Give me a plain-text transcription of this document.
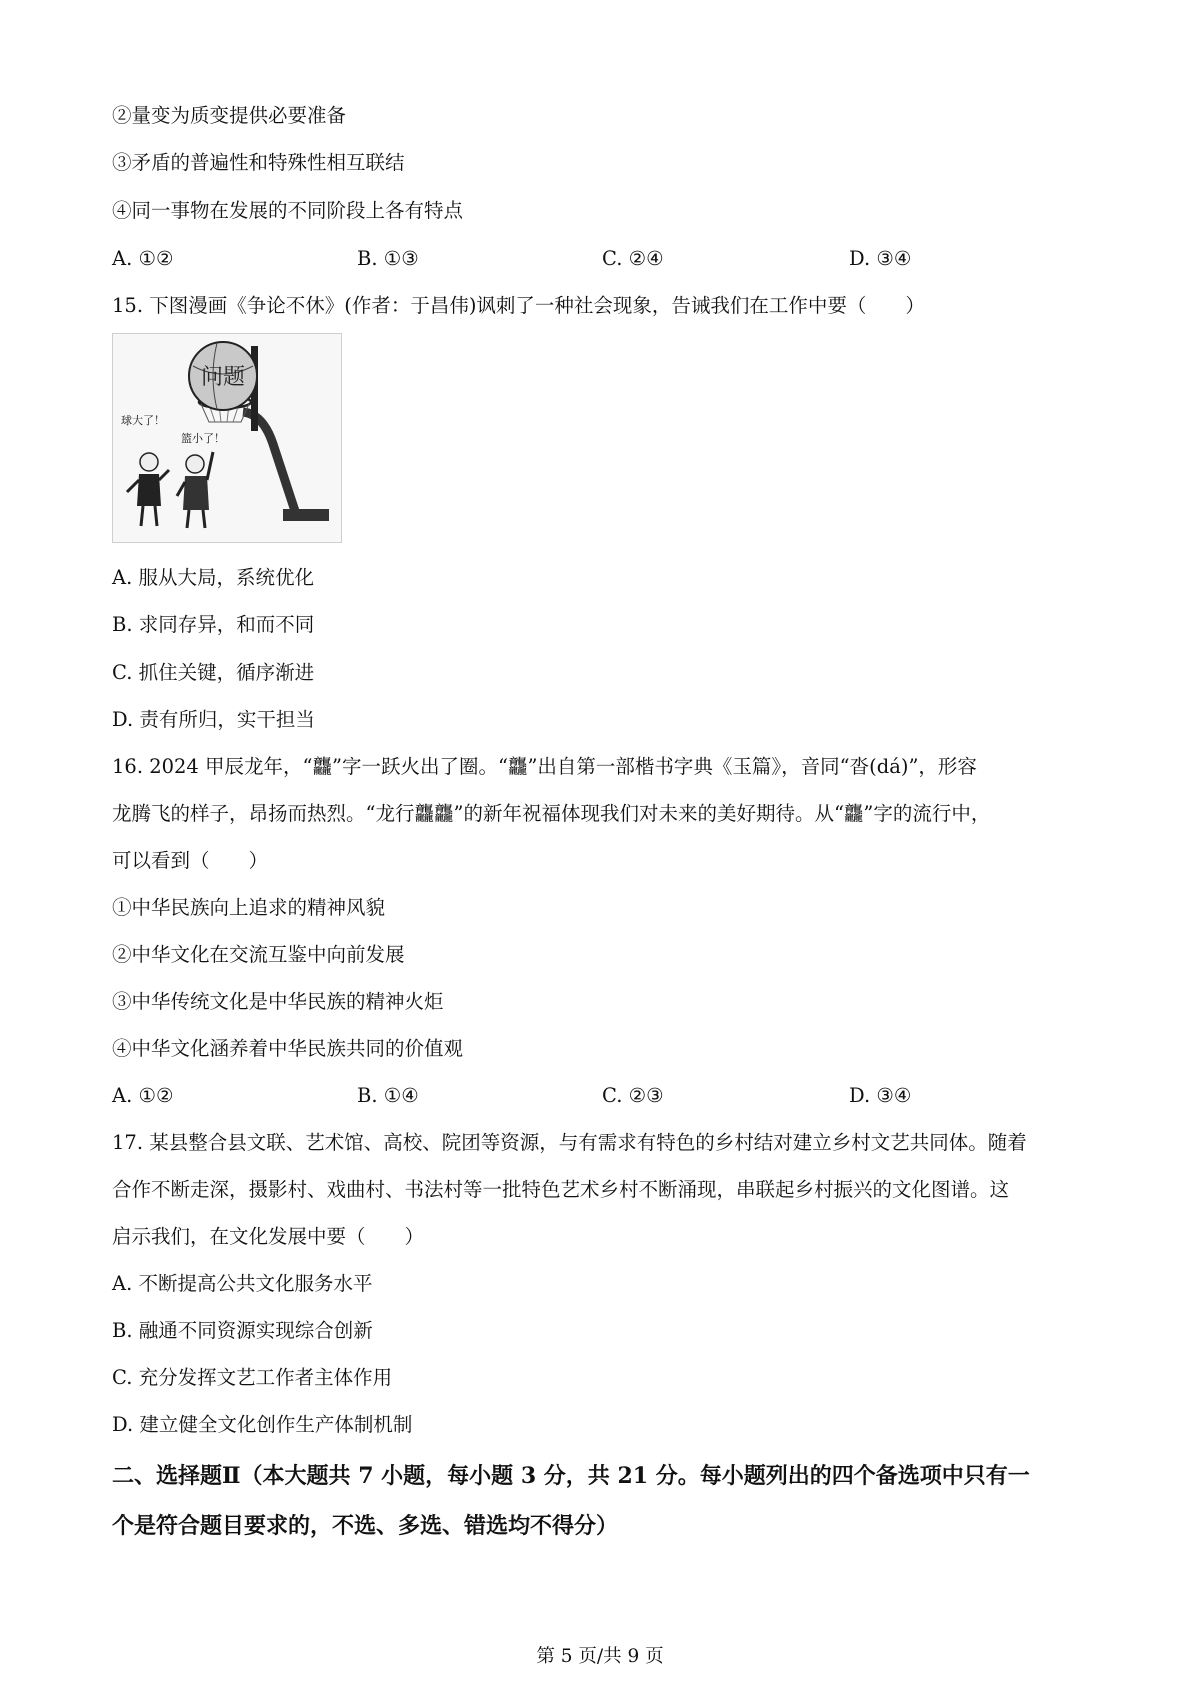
②量变为质变提供必要准备
③矛盾的普遍性和特殊性相互联结
④同一事物在发展的不同阶段上各有特点
A. ①②	B. ①③	C. ②④	D. ③④
15. 下图漫画《争论不休》(作者：于昌伟)讽刺了一种社会现象，告诫我们在工作中要（　　）
问题
球大了！
篮小了！
A. 服从大局，系统优化
B. 求同存异，和而不同
C. 抓住关键，循序渐进
D. 责有所归，实干担当
16. 2024 甲辰龙年，“龘”字一跃火出了圈。“龘”出自第一部楷书字典《玉篇》，音同“沓(dá)”，形容
龙腾飞的样子，昂扬而热烈。“龙行龘龘”的新年祝福体现我们对未来的美好期待。从“龘”字的流行中，
可以看到（　　）
①中华民族向上追求的精神风貌
②中华文化在交流互鉴中向前发展
③中华传统文化是中华民族的精神火炬
④中华文化涵养着中华民族共同的价值观
A. ①②	B. ①④	C. ②③	D. ③④
17. 某县整合县文联、艺术馆、高校、院团等资源，与有需求有特色的乡村结对建立乡村文艺共同体。随着
合作不断走深，摄影村、戏曲村、书法村等一批特色艺术乡村不断涌现，串联起乡村振兴的文化图谱。这
启示我们，在文化发展中要（　　）
A. 不断提高公共文化服务水平
B. 融通不同资源实现综合创新
C. 充分发挥文艺工作者主体作用
D. 建立健全文化创作生产体制机制
二、选择题Ⅱ（本大题共 7 小题，每小题 3 分，共 21 分。每小题列出的四个备选项中只有一
个是符合题目要求的，不选、多选、错选均不得分）
第 5 页/共 9 页
